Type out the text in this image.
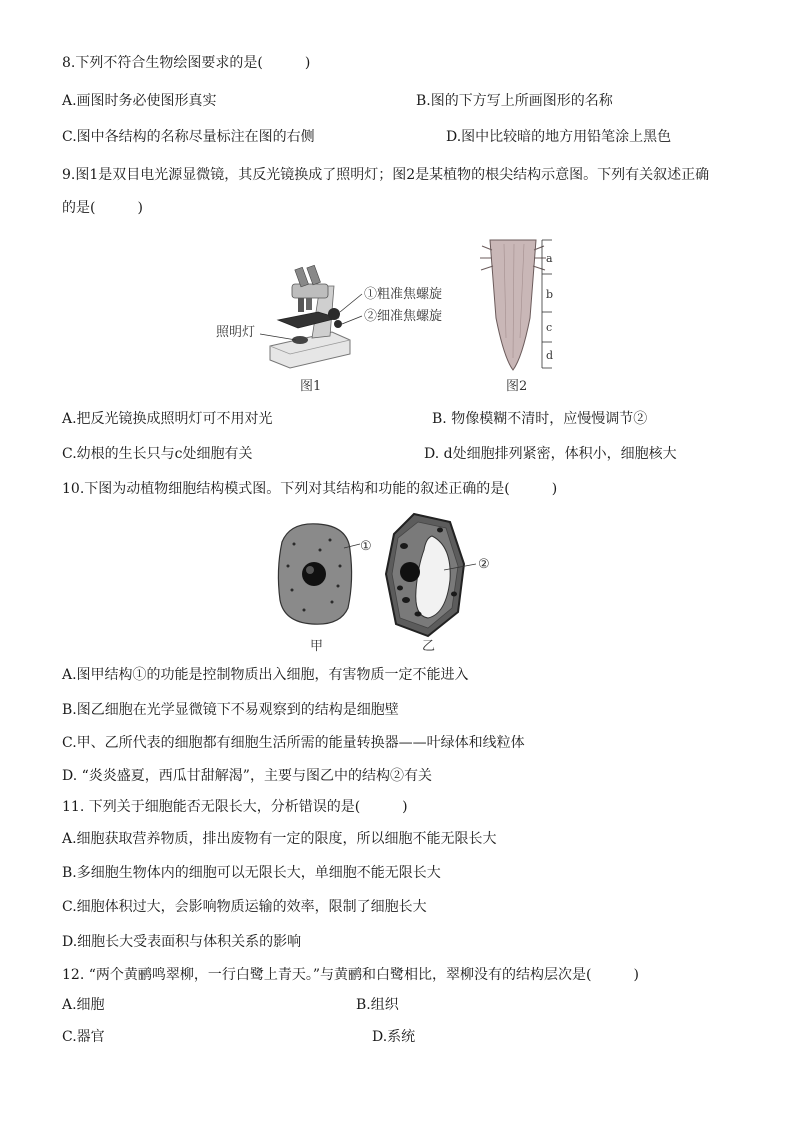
8.下列不符合生物绘图要求的是(　　　)
A.画图时务必使图形真实	B.图的下方写上所画图形的名称
C.图中各结构的名称尽量标注在图的右侧	D.图中比较暗的地方用铅笔涂上黑色
9.图1是双目电光源显微镜，其反光镜换成了照明灯；图2是某植物的根尖结构示意图。下列有关叙述正确
的是(　　　)
①粗准焦螺旋
②细准焦螺旋
照明灯
图1
a
b
c
d
图2
A.把反光镜换成照明灯可不用对光	B. 物像模糊不清时，应慢慢调节②
C.幼根的生长只与c处细胞有关	D. d处细胞排列紧密，体积小，细胞核大
10.下图为动植物细胞结构模式图。下列对其结构和功能的叙述正确的是(　　　)
①
甲
②
乙
A.图甲结构①的功能是控制物质出入细胞，有害物质一定不能进入
B.图乙细胞在光学显微镜下不易观察到的结构是细胞壁
C.甲、乙所代表的细胞都有细胞生活所需的能量转换器——叶绿体和线粒体
D. “炎炎盛夏，西瓜甘甜解渴”，主要与图乙中的结构②有关
11. 下列关于细胞能否无限长大，分析错误的是(　　　)
A.细胞获取营养物质，排出废物有一定的限度，所以细胞不能无限长大
B.多细胞生物体内的细胞可以无限长大，单细胞不能无限长大
C.细胞体积过大，会影响物质运输的效率，限制了细胞长大
D.细胞长大受表面积与体积关系的影响
12. “两个黄鹂鸣翠柳，一行白鹭上青天。”与黄鹂和白鹭相比，翠柳没有的结构层次是(　　　)
A.细胞	B.组织
C.器官	D.系统
